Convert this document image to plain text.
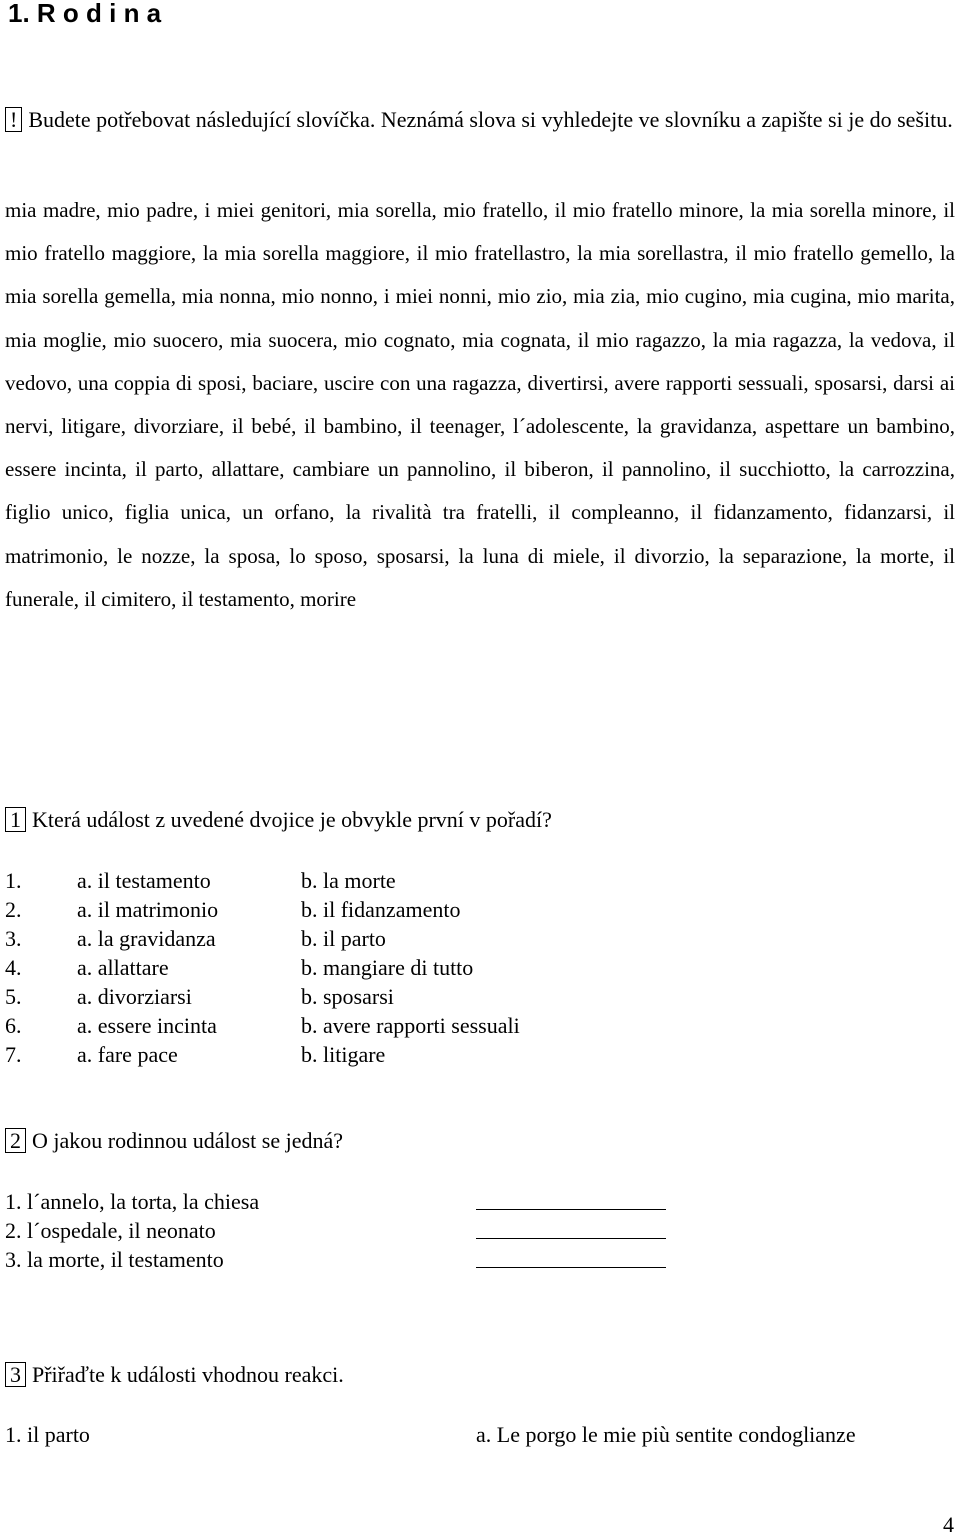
1. R o d i n a
! Budete potřebovat následující slovíčka. Neznámá slova si vyhledejte ve slovníku a zapište si je do sešitu.

mia madre, mio padre, i miei genitori, mia sorella, mio fratello, il mio fratello minore, la mia sorella minore, il mio fratello maggiore, la mia sorella maggiore, il mio fratellastro, la mia sorellastra, il mio fratello gemello, la mia sorella gemella, mia nonna, mio nonno, i miei nonni, mio zio, mia zia, mio cugino, mia cugina, mio marita, mia moglie, mio suocero, mia suocera, mio cognato, mia cognata, il mio ragazzo, la mia ragazza, la vedova, il vedovo, una coppia di sposi, baciare, uscire con una ragazza, divertirsi, avere rapporti sessuali, sposarsi, darsi ai nervi, litigare, divorziare, il bebé, il bambino, il teenager, l´adolescente, la gravidanza, aspettare un bambino, essere incinta, il parto, allattare, cambiare un pannolino, il biberon, il pannolino, il succhiotto, la carrozzina, figlio unico, figlia unica, un orfano, la rivalità tra fratelli, il compleanno, il fidanzamento, fidanzarsi, il matrimonio, le nozze, la sposa, lo sposo, sposarsi, la luna di miele, il divorzio, la separazione, la morte, il funerale, il cimitero, il testamento, morire

1 Která událost z uvedené dvojice je obvykle první v pořadí?
1.	a. il testamento	b. la morte
2.	a. il matrimonio	b. il fidanzamento
3.	a. la gravidanza	b. il parto
4.	a. allattare	b. mangiare di tutto
5.	a. divorziarsi	b. sposarsi
6.	a. essere incinta	b. avere rapporti sessuali
7.	a. fare pace	b. litigare
2 O jakou rodinnou událost se jedná?
1. l´annelo, la torta, la chiesa
2. l´ospedale, il neonato
3. la morte, il testamento
3 Přiřaďte k události vhodnou reakci.
1. il parto	a. Le porgo le mie più sentite condoglianze
4
